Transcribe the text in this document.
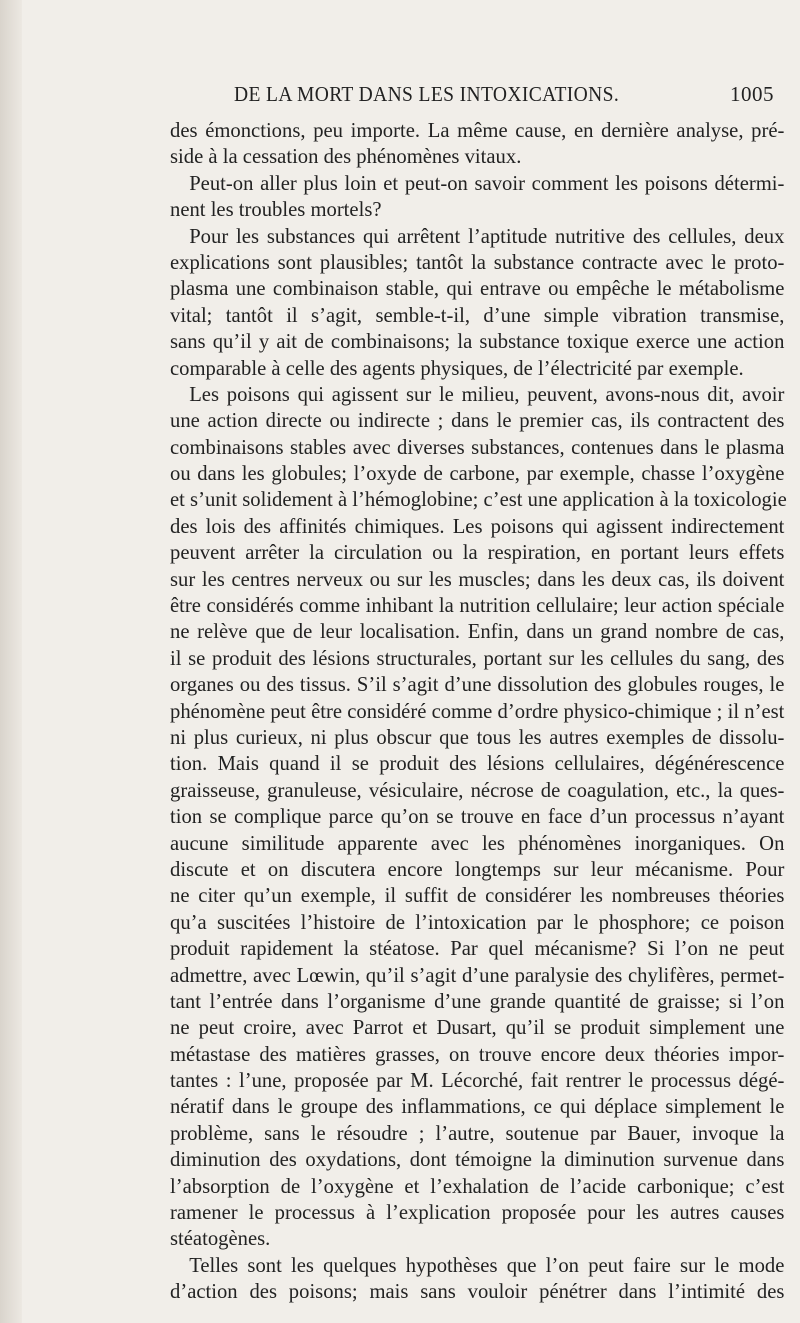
DE LA MORT DANS LES INTOXICATIONS.	1005
des émonctions, peu importe. La même cause, en dernière analyse, pré-
side à la cessation des phénomènes vitaux.
Peut-on aller plus loin et peut-on savoir comment les poisons détermi-
nent les troubles mortels?
Pour les substances qui arrêtent l’aptitude nutritive des cellules, deux
explications sont plausibles; tantôt la substance contracte avec le proto-
plasma une combinaison stable, qui entrave ou empêche le métabolisme
vital; tantôt il s’agit, semble-t-il, d’une simple vibration transmise,
sans qu’il y ait de combinaisons; la substance toxique exerce une action
comparable à celle des agents physiques, de l’électricité par exemple.
Les poisons qui agissent sur le milieu, peuvent, avons-nous dit, avoir
une action directe ou indirecte ; dans le premier cas, ils contractent des
combinaisons stables avec diverses substances, contenues dans le plasma
ou dans les globules; l’oxyde de carbone, par exemple, chasse l’oxygène
et s’unit solidement à l’hémoglobine; c’est une application à la toxicologie
des lois des affinités chimiques. Les poisons qui agissent indirectement
peuvent arrêter la circulation ou la respiration, en portant leurs effets
sur les centres nerveux ou sur les muscles; dans les deux cas, ils doivent
être considérés comme inhibant la nutrition cellulaire; leur action spéciale
ne relève que de leur localisation. Enfin, dans un grand nombre de cas,
il se produit des lésions structurales, portant sur les cellules du sang, des
organes ou des tissus. S’il s’agit d’une dissolution des globules rouges, le
phénomène peut être considéré comme d’ordre physico-chimique ; il n’est
ni plus curieux, ni plus obscur que tous les autres exemples de dissolu-
tion. Mais quand il se produit des lésions cellulaires, dégénérescence
graisseuse, granuleuse, vésiculaire, nécrose de coagulation, etc., la ques-
tion se complique parce qu’on se trouve en face d’un processus n’ayant
aucune similitude apparente avec les phénomènes inorganiques. On
discute et on discutera encore longtemps sur leur mécanisme. Pour
ne citer qu’un exemple, il suffit de considérer les nombreuses théories
qu’a suscitées l’histoire de l’intoxication par le phosphore; ce poison
produit rapidement la stéatose. Par quel mécanisme? Si l’on ne peut
admettre, avec Lœwin, qu’il s’agit d’une paralysie des chylifères, permet-
tant l’entrée dans l’organisme d’une grande quantité de graisse; si l’on
ne peut croire, avec Parrot et Dusart, qu’il se produit simplement une
métastase des matières grasses, on trouve encore deux théories impor-
tantes : l’une, proposée par M. Lécorché, fait rentrer le processus dégé-
nératif dans le groupe des inflammations, ce qui déplace simplement le
problème, sans le résoudre ; l’autre, soutenue par Bauer, invoque la
diminution des oxydations, dont témoigne la diminution survenue dans
l’absorption de l’oxygène et l’exhalation de l’acide carbonique; c’est
ramener le processus à l’explication proposée pour les autres causes
stéatogènes.
Telles sont les quelques hypothèses que l’on peut faire sur le mode
d’action des poisons; mais sans vouloir pénétrer dans l’intimité des
